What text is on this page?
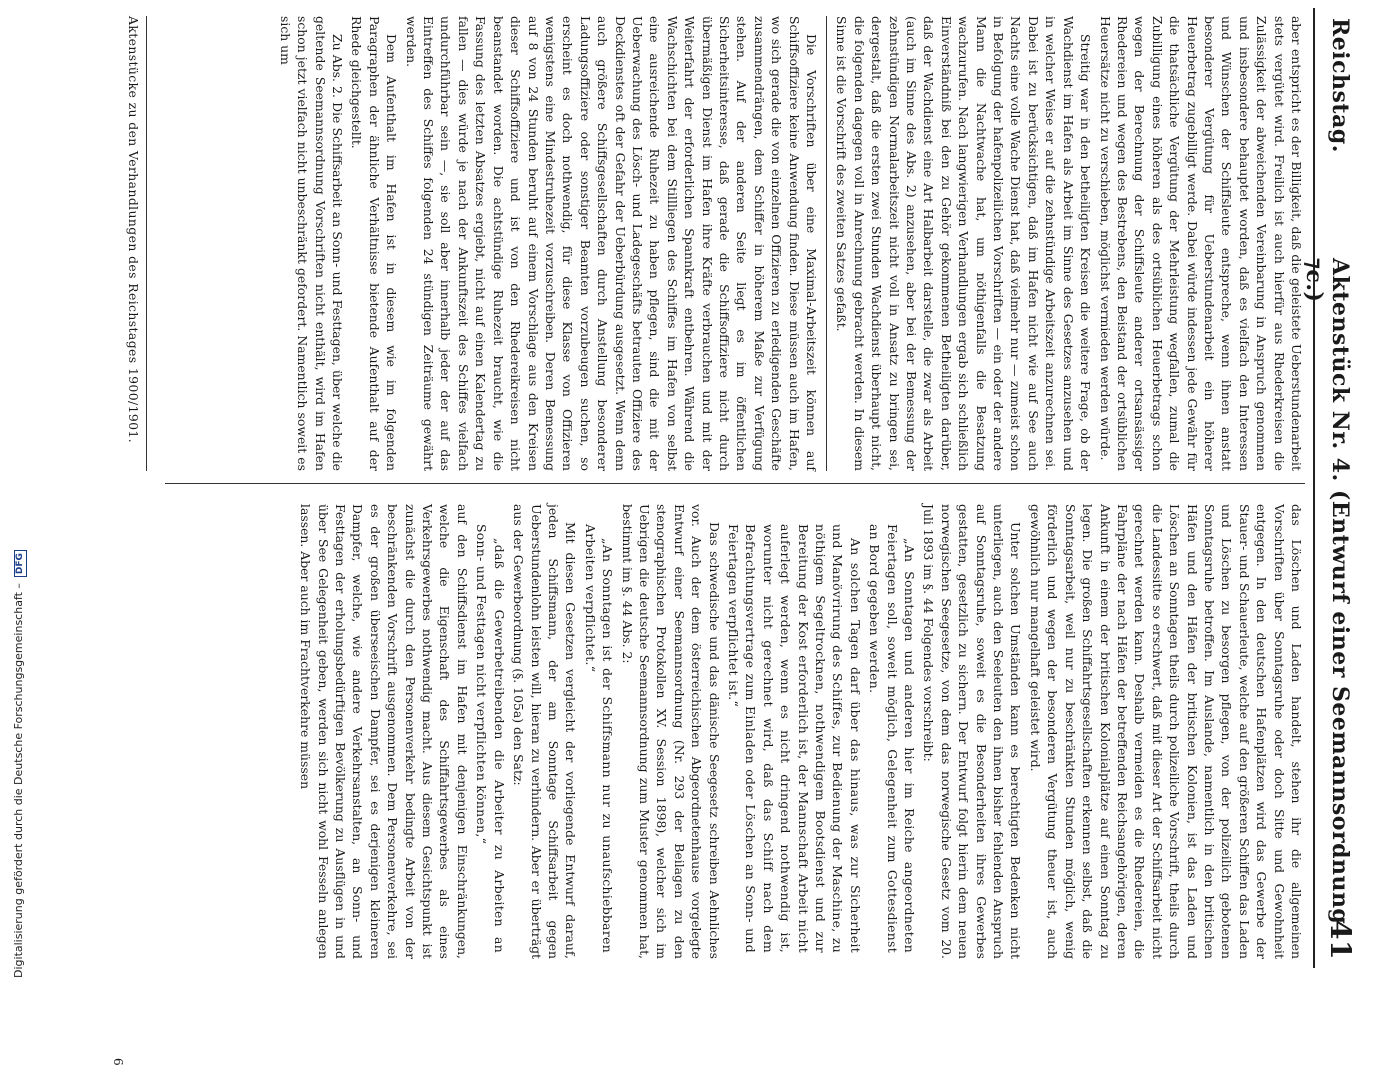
Digitalisierung gefördert durch die Deutsche Forschungsgemeinschaft –DFG
Reichstag.
Aktenstück Nr. 4. (Entwurf einer Seemannsordnung ⁊c.)
41

aber entspricht es der Billigkeit, daß die geleistete Ueberstundenarbeit stets vergütet wird. Freilich ist auch hierfür aus Rhederkreisen die Zulässigkeit der abweichenden Vereinbarung in Anspruch genommen und insbesondere behauptet worden, daß es vielfach den Interessen und Wünschen der Schiffsleute entspreche, wenn ihnen anstatt besonderer Vergütung für Ueberstundenarbeit ein höherer Heuerbetrag zugebilligt werde. Dabei würde indessen jede Gewähr für die thatsächliche Vergütung der Mehrleistung wegfallen, zumal die Zubilligung eines höheren als des ortsüblichen Heuerbetrags schon wegen der Berechnung der Schiffsleute anderer ortsansässiger Rhedereien und wegen des Bestrebens, den Beistand der ortsüblichen Heuersätze nicht zu verschieben, möglichst vermieden werden würde.

Streitig war in den betheiligten Kreisen die weitere Frage, ob der Wachdienst im Hafen als Arbeit im Sinne des Gesetzes anzusehen und in welcher Weise er auf die zehnstündige Arbeitszeit anzurechnen sei. Dabei ist zu berücksichtigen, daß im Hafen nicht wie auf See auch Nachts eine volle Wache Dienst hat, daß vielmehr nur — zumeist schon in Befolgung der hafenpolizeilichen Vorschriften — ein oder der andere Mann die Nachtwache hat, um nöthigenfalls die Besatzung wachzurufen. Nach langwierigen Verhandlungen ergab sich schließlich Einverständniß bei den zu Gehör gekommenen Betheiligten darüber, daß der Wachdienst eine Art Halbarbeit darstelle, die zwar als Arbeit (auch im Sinne des Abs. 2) anzusehen, aber bei der Bemessung der zehnstündigen Normalarbeitszeit nicht voll in Ansatz zu bringen sei, dergestalt, daß die ersten zwei Stunden Wachdienst überhaupt nicht, die folgenden dagegen voll in Anrechnung gebracht werden. In diesem Sinne ist die Vorschrift des zweiten Satzes gefaßt.

Die Vorschriften über eine Maximal-Arbeitszeit können auf Schiffsoffiziere keine Anwendung finden. Diese müssen auch im Hafen, wo sich gerade die von einzelnen Offizieren zu erledigenden Geschäfte zusammendrängen, dem Schiffer in höherem Maße zur Verfügung stehen. Auf der anderen Seite liegt es im öffentlichen Sicherheitsinteresse, daß gerade die Schiffsoffiziere nicht durch übermäßigen Dienst im Hafen ihre Kräfte verbrauchen und mit der Weiterfahrt der erforderlichen Spannkraft entbehren. Während die Wachschichten bei dem Stillliegen des Schiffes im Hafen von selbst eine ausreichende Ruhezeit zu haben pflegen, sind die mit der Ueberwachung des Lösch- und Ladegeschäfts betrauten Offiziere des Deckdienstes oft der Gefahr der Ueberbürdung ausgesetzt. Wenn denn auch größere Schiffsgesellschaften durch Anstellung besonderer Ladungsoffiziere oder sonstiger Beamten vorzubeugen suchen, so erscheint es doch nothwendig, für diese Klasse von Offizieren wenigstens eine Mindestruhezeit vorzuschreiben. Deren Bemessung auf 8 von 24 Stunden beruht auf einem Vorschlage aus den Kreisen dieser Schiffsoffiziere und ist von den Rhedereikreisen nicht beanstandet worden. Die achtstündige Ruhezeit braucht, wie die Fassung des letzten Absatzes ergiebt, nicht auf einen Kalendertag zu fallen — dies würde je nach der Ankunftszeit des Schiffes vielfach undurchführbar sein —, sie soll aber innerhalb jeder der auf das Eintreffen des Schiffes folgenden 24 stündigen Zeiträume gewährt werden.

Dem Aufenthalt im Hafen ist in diesem wie im folgenden Paragraphen der ähnliche Verhältnisse bietende Aufenthalt auf der Rhede gleichgestellt.

Zu Abs. 2. Die Schiffsarbeit an Sonn- und Festtagen, über welche die geltende Seemannsordnung Vorschriften nicht enthält, wird im Hafen schon jetzt vielfach nicht unbeschränkt gefordert. Namentlich soweit es sich um

das Löschen und Laden handelt, stehen ihr die allgemeinen Vorschriften über Sonntagsruhe oder doch Sitte und Gewohnheit entgegen. In den deutschen Hafenplätzen wird das Gewerbe der Stauer- und Schauerleute, welche auf den größeren Schiffen das Laden und Löschen zu besorgen pflegen, von der polizeilich gebotenen Sonntagsruhe betroffen. Im Auslande, namentlich in den britischen Häfen und den Häfen der britischen Kolonien, ist das Laden und Löschen an Sonntagen theils durch polizeiliche Vorschrift, theils durch die Landessitte so erschwert, daß mit dieser Art der Schiffsarbeit nicht gerechnet werden kann. Deshalb vermeiden es die Rhedereien, die Fahrpläne der nach Häfen der betreffenden Reichsangehörigen, deren Ankunft in einem der britischen Kolonialplätze auf einen Sonntag zu legen. Die großen Schiffahrtsgesellschaften erkennen selbst, daß die Sonntagsarbeit, weil nur zu beschränkten Stunden möglich, wenig förderlich und wegen der besonderen Vergütung theuer ist, auch gewöhnlich nur mangelhaft geleistet wird.

Unter solchen Umständen kann es berechtigten Bedenken nicht unterliegen, auch den Seeleuten den ihnen bisher fehlenden Anspruch auf Sonntagsruhe, soweit es die Besonderheiten ihres Gewerbes gestatten, gesetzlich zu sichern. Der Entwurf folgt hierin dem neuen norwegischen Seegesetze, von dem das norwegische Gesetz vom 20. Juli 1893 im §. 44 Folgendes vorschreibt:

„An Sonntagen und anderen hier im Reiche angeordneten Feiertagen soll, soweit möglich, Gelegenheit zum Gottesdienst an Bord gegeben werden.

An solchen Tagen darf über das hinaus, was zur Sicherheit und Manövrirung des Schiffes, zur Bedienung der Maschine, zu nöthigem Segeltrocknen, nothwendigem Bootsdienst und zur Bereitung der Kost erforderlich ist, der Mannschaft Arbeit nicht auferlegt werden, wenn es nicht dringend nothwendig ist, worunter nicht gerechnet wird, daß das Schiff nach dem Befrachtungsvertrage zum Einladen oder Löschen an Sonn- und Feiertagen verpflichtet ist.“

Das schwedische und das dänische Seegesetz schreiben Aehnliches vor. Auch der dem österreichischen Abgeordnetenhause vorgelegte Entwurf einer Seemannsordnung (Nr. 293 der Beilagen zu den stenographischen Protokollen XV. Session 1898), welcher sich im Uebrigen die deutsche Seemannsordnung zum Muster genommen hat, bestimmt im §. 44 Abs. 2:

„An Sonntagen ist der Schiffsmann nur zu unaufschiebbaren Arbeiten verpflichtet.“

Mit diesen Gesetzen vergleicht der vorliegende Entwurf darauf, jeden Schiffsmann, der am Sonntage Schiffsarbeit gegen Ueberstundenlohn leisten will, hieran zu verhindern. Aber er überträgt aus der Gewerbeordnung (§. 105a) den Satz:

„daß die Gewerbetreibenden die Arbeiter zu Arbeiten an Sonn- und Festtagen nicht verpflichten können,“

auf den Schiffsdienst im Hafen mit denjenigen Einschränkungen, welche die Eigenschaft des Schiffahrtsgewerbes als eines Verkehrsgewerbes nothwendig macht. Aus diesem Gesichtspunkt ist zunächst die durch den Personenverkehr bedingte Arbeit von der beschränkenden Vorschrift ausgenommen. Dem Personenverkehre, sei es der großen überseeischen Dampfer, sei es derjenigen kleineren Dampfer, welche, wie andere Verkehrsanstalten, an Sonn- und Festtagen der erholungsbedürftigen Bevölkerung zu Ausflügen in und über See Gelegenheit geben, werden sich nicht wohl Fesseln anlegen lassen. Aber auch im Frachtverkehre müssen

Aktenstücke zu den Verhandlungen des Reichstages 1900/1901.
6
